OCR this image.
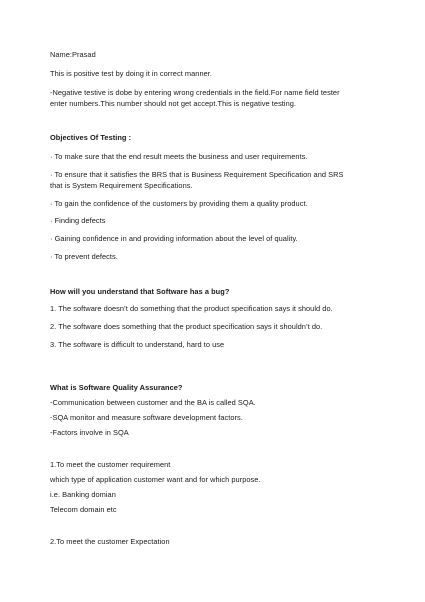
Name:Prasad
This is positive test by doing it in correct manner.
-Negative testive is dobe by entering wrong credentials in the field.For name field tester
enter numbers.This number should not get accept.This is negative testing.
Objectives Of Testing :
· To make sure that the end result meets the business and user requirements.
· To ensure that it satisfies the BRS that is Business Requirement Specification and SRS
that is System Requirement Specifications.
· To gain the confidence of the customers by providing them a quality product.
· Finding defects
· Gaining confidence in and providing information about the level of quality.
· To prevent defects.
How will you understand that Software has a bug?
1. The software doesn’t do something that the product specification says it should do.
2. The software does something that the product specification says it shouldn’t do.
3. The software is difficult to understand, hard to use
What is Software Quality Assurance?
-Communication between customer and the BA is called SQA.
-SQA monitor and measure software development factors.
-Factors involve in SQA
1.To meet the customer requirement
which type of application customer want and for which purpose.
i.e. Banking domian
Telecom domain etc
2.To meet the customer Expectation
